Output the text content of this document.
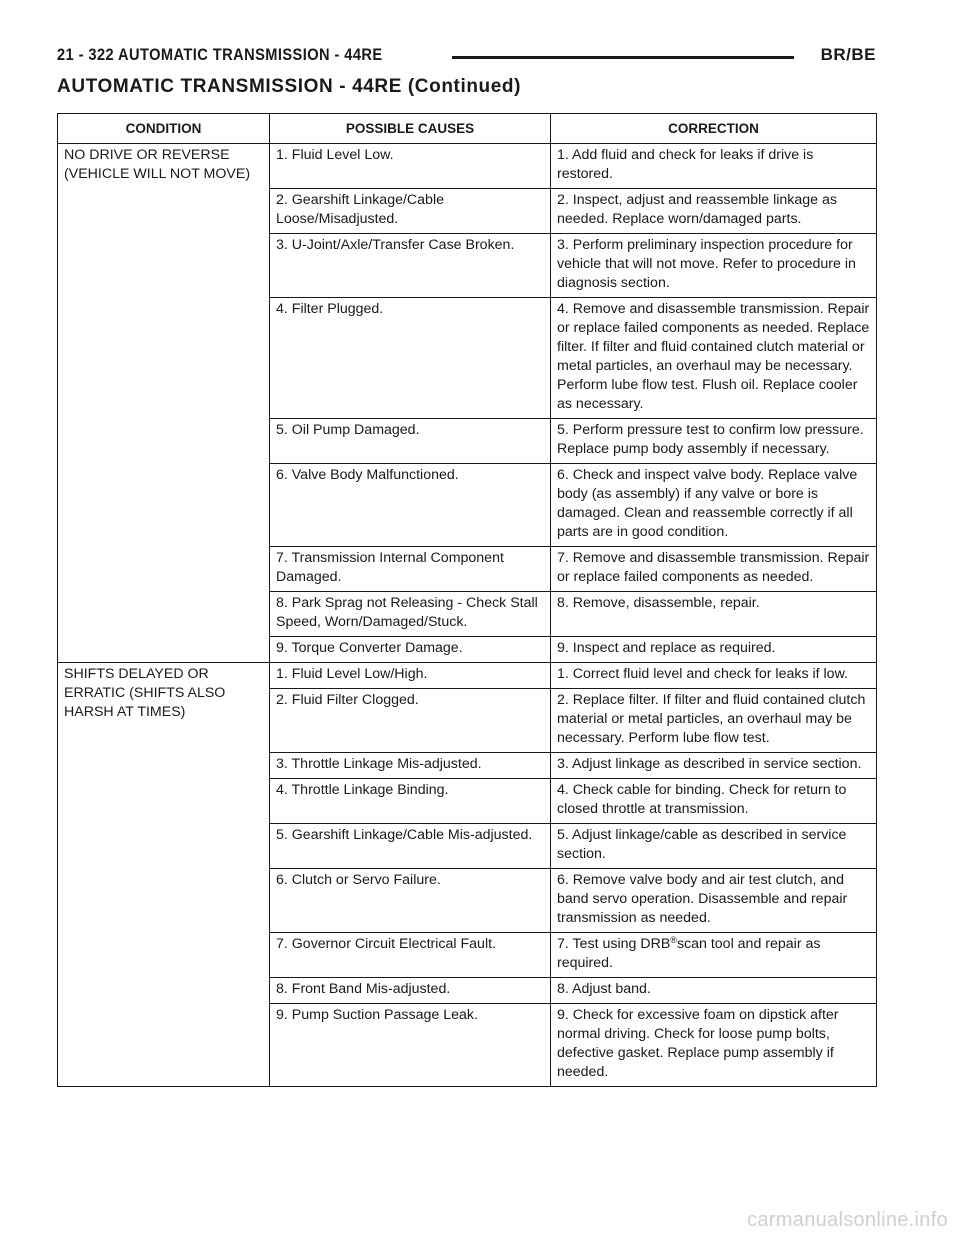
21 - 322 AUTOMATIC TRANSMISSION - 44RE	BR/BE
AUTOMATIC TRANSMISSION - 44RE (Continued)
CONDITION	POSSIBLE CAUSES	CORRECTION
NO DRIVE OR REVERSE (VEHICLE WILL NOT MOVE)	1. Fluid Level Low.	1. Add fluid and check for leaks if drive is restored.
	2. Gearshift Linkage/Cable Loose/Misadjusted.	2. Inspect, adjust and reassemble linkage as needed. Replace worn/damaged parts.
	3. U-Joint/Axle/Transfer Case Broken.	3. Perform preliminary inspection procedure for vehicle that will not move. Refer to procedure in diagnosis section.
	4. Filter Plugged.	4. Remove and disassemble transmission. Repair or replace failed components as needed. Replace filter. If filter and fluid contained clutch material or metal particles, an overhaul may be necessary. Perform lube flow test. Flush oil. Replace cooler as necessary.
	5. Oil Pump Damaged.	5. Perform pressure test to confirm low pressure. Replace pump body assembly if necessary.
	6. Valve Body Malfunctioned.	6. Check and inspect valve body. Replace valve body (as assembly) if any valve or bore is damaged. Clean and reassemble correctly if all parts are in good condition.
	7. Transmission Internal Component Damaged.	7. Remove and disassemble transmission. Repair or replace failed components as needed.
	8. Park Sprag not Releasing - Check Stall Speed, Worn/Damaged/Stuck.	8. Remove, disassemble, repair.
	9. Torque Converter Damage.	9. Inspect and replace as required.
SHIFTS DELAYED OR ERRATIC (SHIFTS ALSO HARSH AT TIMES)	1. Fluid Level Low/High.	1. Correct fluid level and check for leaks if low.
	2. Fluid Filter Clogged.	2. Replace filter. If filter and fluid contained clutch material or metal particles, an overhaul may be necessary. Perform lube flow test.
	3. Throttle Linkage Mis-adjusted.	3. Adjust linkage as described in service section.
	4. Throttle Linkage Binding.	4. Check cable for binding. Check for return to closed throttle at transmission.
	5. Gearshift Linkage/Cable Mis-adjusted.	5. Adjust linkage/cable as described in service section.
	6. Clutch or Servo Failure.	6. Remove valve body and air test clutch, and band servo operation. Disassemble and repair transmission as needed.
	7. Governor Circuit Electrical Fault.	7. Test using DRB®scan tool and repair as required.
	8. Front Band Mis-adjusted.	8. Adjust band.
	9. Pump Suction Passage Leak.	9. Check for excessive foam on dipstick after normal driving. Check for loose pump bolts, defective gasket. Replace pump assembly if needed.
carmanualsonline.info
